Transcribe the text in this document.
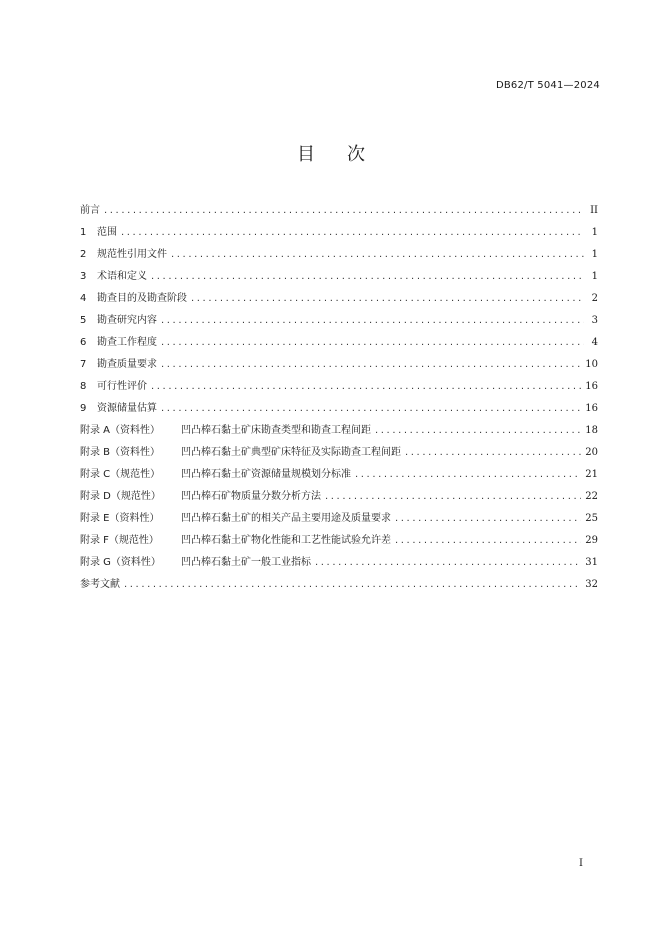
DB62/T 5041—2024
目次
前言 .....	II
1	范围 .....	1
2	规范性引用文件 .....	1
3	术语和定义 .....	1
4	勘查目的及勘查阶段 .....	2
5	勘查研究内容 .....	3
6	勘查工作程度 .....	4
7	勘查质量要求 .....	10
8	可行性评价 .....	16
9	资源储量估算 .....	16
附录 A（资料性）	凹凸棒石黏土矿床勘查类型和勘查工程间距 .....	18
附录 B（资料性）	凹凸棒石黏土矿典型矿床特征及实际勘查工程间距 .....	20
附录 C（规范性）	凹凸棒石黏土矿资源储量规模划分标准 .....	21
附录 D（规范性）	凹凸棒石矿物质量分数分析方法 .....	22
附录 E（资料性）	凹凸棒石黏土矿的相关产品主要用途及质量要求 .....	25
附录 F（规范性）	凹凸棒石黏土矿物化性能和工艺性能试验允许差 .....	29
附录 G（资料性）	凹凸棒石黏土矿一般工业指标 .....	31
参考文献 .....	32
I
